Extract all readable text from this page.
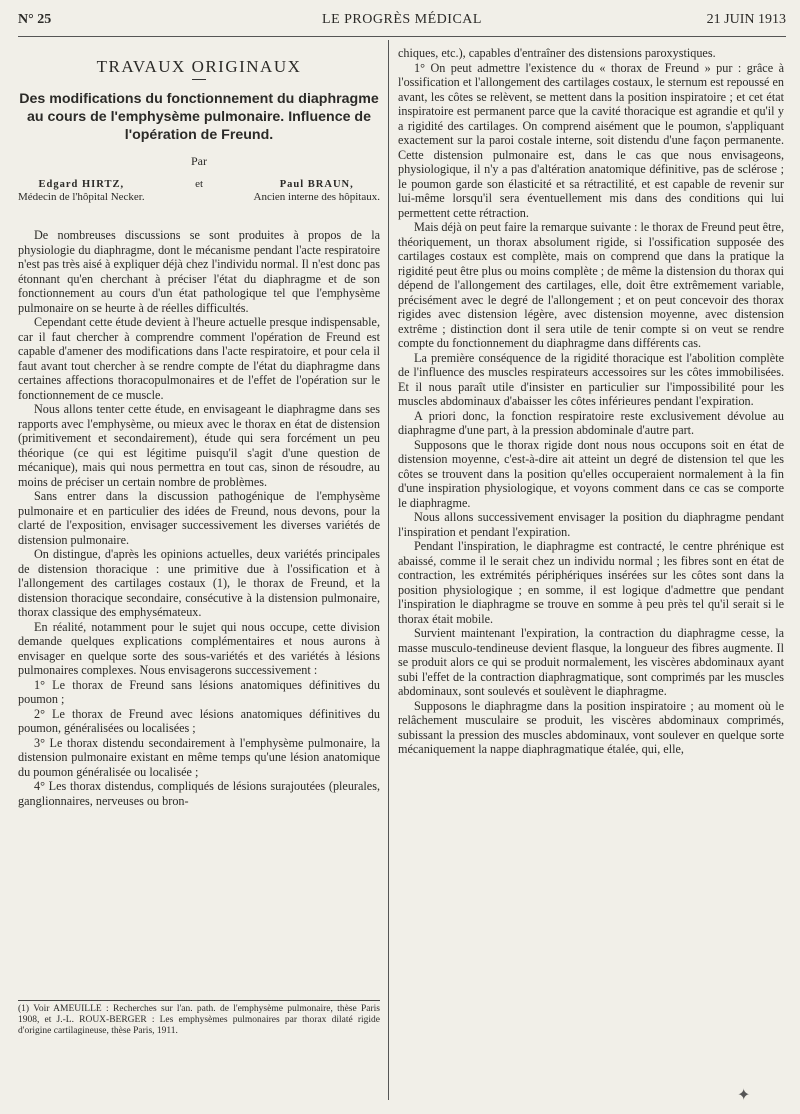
N° 25	LE PROGRÈS MÉDICAL	21 JUIN 1913
TRAVAUX ORIGINAUX
Des modifications du fonctionnement du diaphragme au cours de l'emphysème pulmonaire. Influence de l'opération de Freund.
Par
Edgard HIRTZ,
Médecin de l'hôpital Necker.
et	Paul BRAUN,
Ancien interne des hôpitaux.

De nombreuses discussions se sont produites à propos de la physiologie du diaphragme, dont le mécanisme pendant l'acte respiratoire n'est pas très aisé à expliquer déjà chez l'individu normal. Il n'est donc pas étonnant qu'en cherchant à préciser l'état du diaphragme et de son fonctionnement au cours d'un état pathologique tel que l'emphysème pulmonaire on se heurte à de réelles difficultés.

Cependant cette étude devient à l'heure actuelle presque indispensable, car il faut chercher à comprendre comment l'opération de Freund est capable d'amener des modifications dans l'acte respiratoire, et pour cela il faut avant tout chercher à se rendre compte de l'état du diaphragme dans certaines affections thoracopulmonaires et de l'effet de l'opération sur le fonctionnement de ce muscle.

Nous allons tenter cette étude, en envisageant le diaphragme dans ses rapports avec l'emphysème, ou mieux avec le thorax en état de distension (primitivement et secondairement), étude qui sera forcément un peu théorique (ce qui est légitime puisqu'il s'agit d'une question de mécanique), mais qui nous permettra en tout cas, sinon de résoudre, au moins de préciser un certain nombre de problèmes.

Sans entrer dans la discussion pathogénique de l'emphysème pulmonaire et en particulier des idées de Freund, nous devons, pour la clarté de l'exposition, envisager successivement les diverses variétés de distension pulmonaire.

On distingue, d'après les opinions actuelles, deux variétés principales de distension thoracique : une primitive due à l'ossification et à l'allongement des cartilages costaux (1), le thorax de Freund, et la distension thoracique secondaire, consécutive à la distension pulmonaire, thorax classique des emphysémateux.

En réalité, notamment pour le sujet qui nous occupe, cette division demande quelques explications complémentaires et nous aurons à envisager en quelque sorte des sous-variétés et des variétés à lésions pulmonaires complexes. Nous envisagerons successivement :

1° Le thorax de Freund sans lésions anatomiques définitives du poumon ;

2° Le thorax de Freund avec lésions anatomiques définitives du poumon, généralisées ou localisées ;

3° Le thorax distendu secondairement à l'emphysème pulmonaire, la distension pulmonaire existant en même temps qu'une lésion anatomique du poumon généralisée ou localisée ;

4° Les thorax distendus, compliqués de lésions surajoutées (pleurales, ganglionnaires, nerveuses ou bron-

(1) Voir AMEUILLE : Recherches sur l'an. path. de l'emphysème pulmonaire, thèse Paris 1908, et J.-L. ROUX-BERGER : Les emphysèmes pulmonaires par thorax dilaté rigide d'origine cartilagineuse, thèse Paris, 1911.

chiques, etc.), capables d'entraîner des distensions paroxystiques.

1° On peut admettre l'existence du « thorax de Freund » pur : grâce à l'ossification et l'allongement des cartilages costaux, le sternum est repoussé en avant, les côtes se relèvent, se mettent dans la position inspiratoire ; et cet état inspiratoire est permanent parce que la cavité thoracique est agrandie et qu'il y a rigidité des cartilages. On comprend aisément que le poumon, s'appliquant exactement sur la paroi costale interne, soit distendu d'une façon permanente. Cette distension pulmonaire est, dans le cas que nous envisageons, physiologique, il n'y a pas d'altération anatomique définitive, pas de sclérose ; le poumon garde son élasticité et sa rétractilité, et est capable de revenir sur lui-même lorsqu'il sera éventuellement mis dans des conditions qui lui permettent cette rétraction.

Mais déjà on peut faire la remarque suivante : le thorax de Freund peut être, théoriquement, un thorax absolument rigide, si l'ossification supposée des cartilages costaux est complète, mais on comprend que dans la pratique la rigidité peut être plus ou moins complète ; de même la distension du thorax qui dépend de l'allongement des cartilages, elle, doit être extrêmement variable, précisément avec le degré de l'allongement ; et on peut concevoir des thorax rigides avec distension légère, avec distension moyenne, avec distension extrême ; distinction dont il sera utile de tenir compte si on veut se rendre compte du fonctionnement du diaphragme dans différents cas.

La première conséquence de la rigidité thoracique est l'abolition complète de l'influence des muscles respirateurs accessoires sur les côtes immobilisées. Et il nous paraît utile d'insister en particulier sur l'impossibilité pour les muscles abdominaux d'abaisser les côtes inférieures pendant l'expiration.

A priori donc, la fonction respiratoire reste exclusivement dévolue au diaphragme d'une part, à la pression abdominale d'autre part.

Supposons que le thorax rigide dont nous nous occupons soit en état de distension moyenne, c'est-à-dire ait atteint un degré de distension tel que les côtes se trouvent dans la position qu'elles occuperaient normalement à la fin d'une inspiration physiologique, et voyons comment dans ce cas se comporte le diaphragme.

Nous allons successivement envisager la position du diaphragme pendant l'inspiration et pendant l'expiration.

Pendant l'inspiration, le diaphragme est contracté, le centre phrénique est abaissé, comme il le serait chez un individu normal ; les fibres sont en état de contraction, les extrémités périphériques insérées sur les côtes sont dans la position physiologique ; en somme, il est logique d'admettre que pendant l'inspiration le diaphragme se trouve en somme à peu près tel qu'il serait si le thorax était mobile.

Survient maintenant l'expiration, la contraction du diaphragme cesse, la masse musculo-tendineuse devient flasque, la longueur des fibres augmente. Il se produit alors ce qui se produit normalement, les viscères abdominaux ayant subi l'effet de la contraction diaphragmatique, sont comprimés par les muscles abdominaux, sont soulevés et soulèvent le diaphragme.

Supposons le diaphragme dans la position inspiratoire ; au moment où le relâchement musculaire se produit, les viscères abdominaux comprimés, subissant la pression des muscles abdominaux, vont soulever en quelque sorte mécaniquement la nappe diaphragmatique étalée, qui, elle,

✦
